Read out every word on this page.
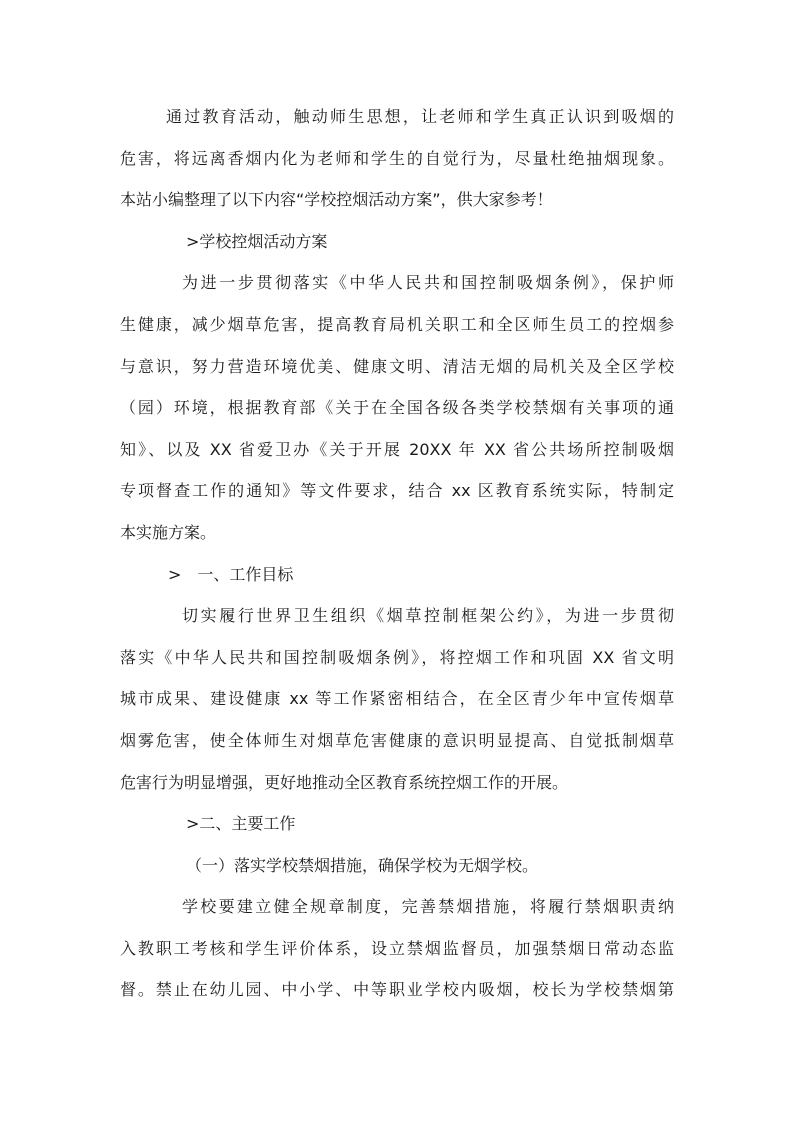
通过教育活动，触动师生思想，让老师和学生真正认识到吸烟的
危害，将远离香烟内化为老师和学生的自觉行为，尽量杜绝抽烟现象。
本站小编整理了以下内容“学校控烟活动方案”，供大家参考！

>学校控烟活动方案

为进一步贯彻落实《中华人民共和国控制吸烟条例》，保护师
生健康，减少烟草危害，提高教育局机关职工和全区师生员工的控烟参
与意识，努力营造环境优美、健康文明、清洁无烟的局机关及全区学校
（园）环境，根据教育部《关于在全国各级各类学校禁烟有关事项的通
知》、以及 XX 省爱卫办《关于开展 20XX 年 XX 省公共场所控制吸烟
专项督查工作的通知》等文件要求，结合 xx 区教育系统实际，特制定
本实施方案。

>　一、工作目标

切实履行世界卫生组织《烟草控制框架公约》，为进一步贯彻
落实《中华人民共和国控制吸烟条例》，将控烟工作和巩固 XX 省文明
城市成果、建设健康 xx 等工作紧密相结合，在全区青少年中宣传烟草
烟雾危害，使全体师生对烟草危害健康的意识明显提高、自觉抵制烟草
危害行为明显增强，更好地推动全区教育系统控烟工作的开展。

>二、主要工作

（一）落实学校禁烟措施，确保学校为无烟学校。

学校要建立健全规章制度，完善禁烟措施，将履行禁烟职责纳
入教职工考核和学生评价体系，设立禁烟监督员，加强禁烟日常动态监
督。禁止在幼儿园、中小学、中等职业学校内吸烟，校长为学校禁烟第
